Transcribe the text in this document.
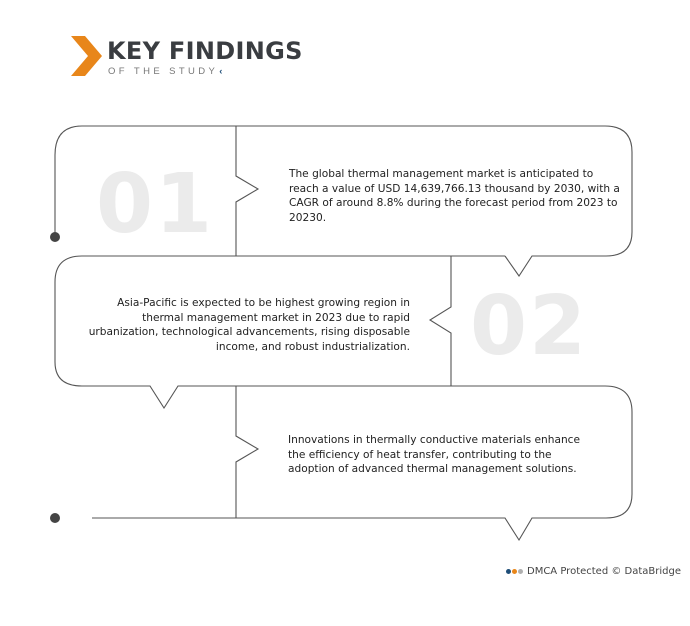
KEY FINDINGS
OF THE STUDY‹
01	The global thermal management market is anticipated to reach a value of USD 14,639,766.13 thousand by 2030, with a CAGR of around 8.8% during the forecast period from 2023 to 20230.
02
Asia-Pacific is expected to be highest growing region in thermal management market in 2023 due to rapid urbanization, technological advancements, rising disposable income, and robust industrialization.
Innovations in thermally conductive materials enhance the efficiency of heat transfer, contributing to the adoption of advanced thermal management solutions.
DMCA Protected © DataBridge
